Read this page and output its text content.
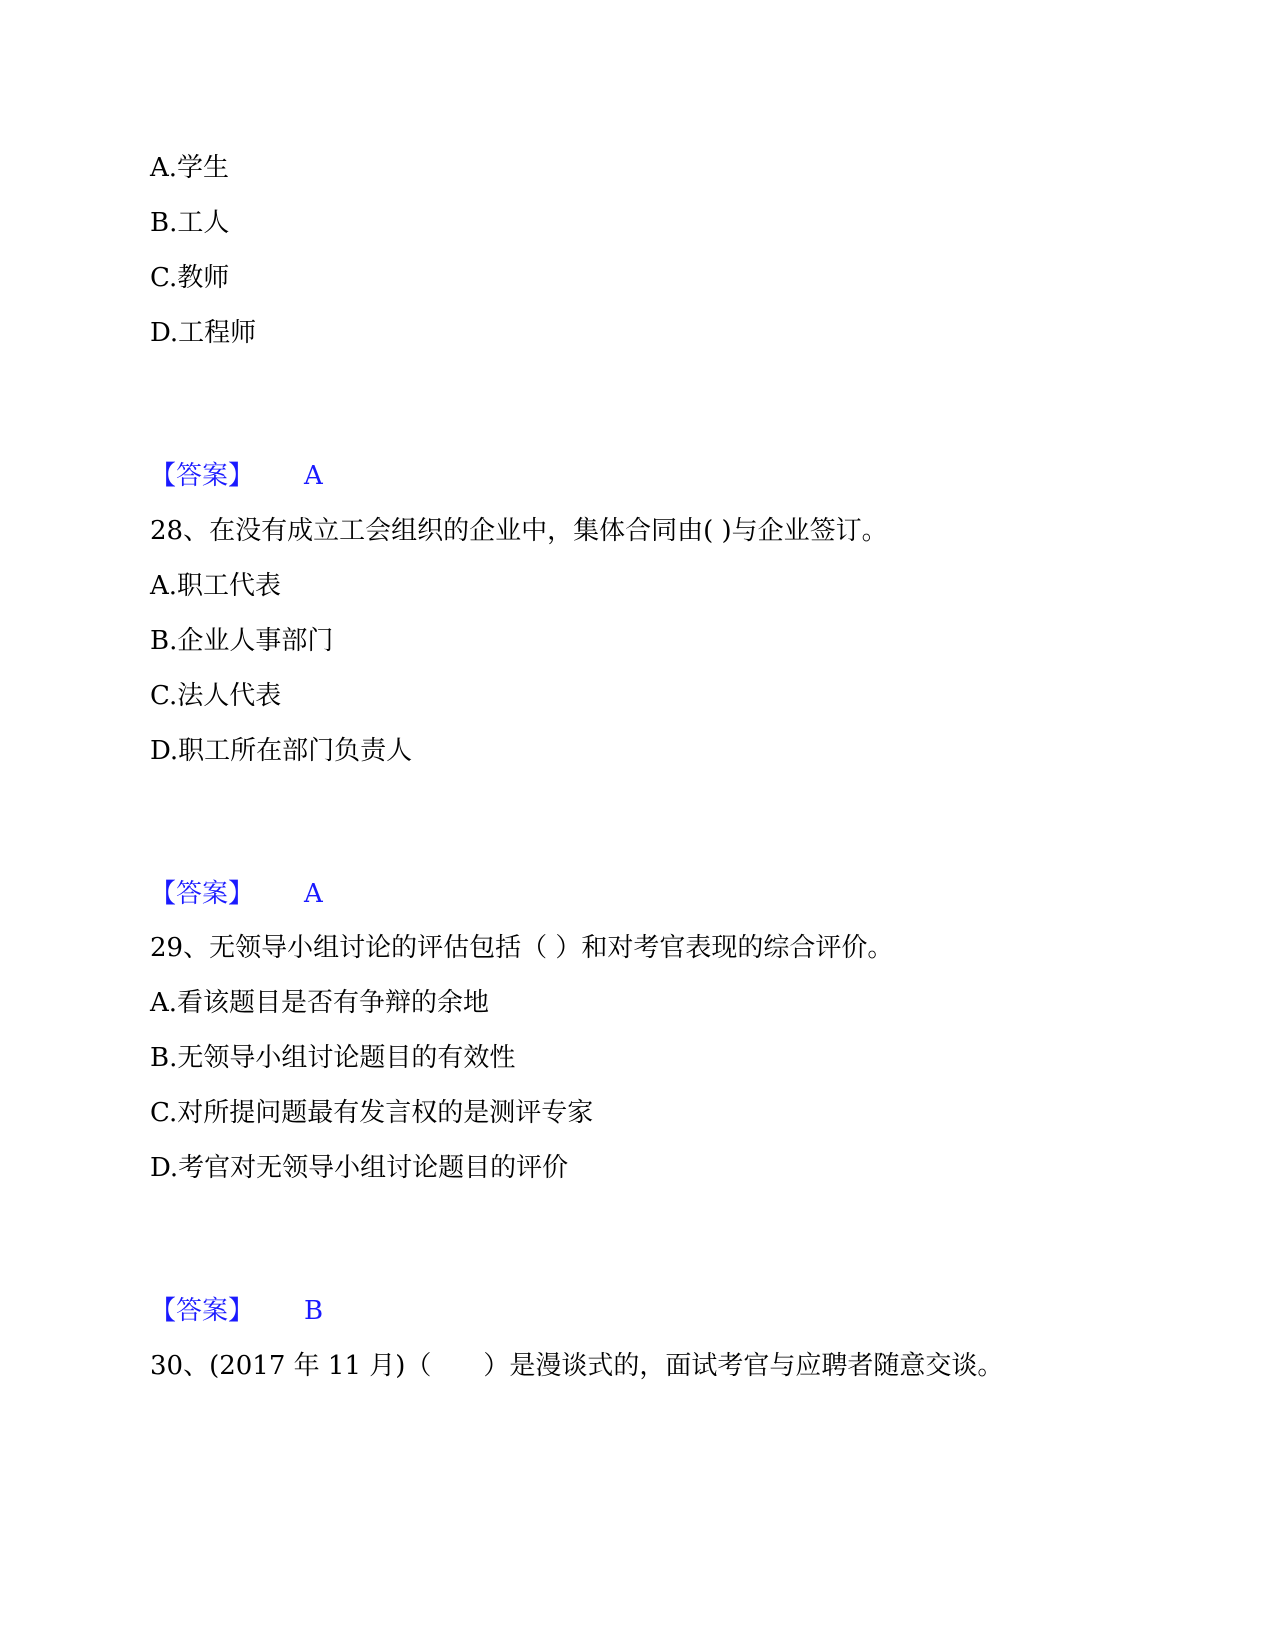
A.学生
B.工人
C.教师
D.工程师
【答案】 A
28、在没有成立工会组织的企业中，集体合同由( )与企业签订。
A.职工代表
B.企业人事部门
C.法人代表
D.职工所在部门负责人
【答案】 A
29、无领导小组讨论的评估包括（ ）和对考官表现的综合评价。
A.看该题目是否有争辩的余地
B.无领导小组讨论题目的有效性
C.对所提问题最有发言权的是测评专家
D.考官对无领导小组讨论题目的评价
【答案】 B
30、(2017 年 11 月)（　　）是漫谈式的，面试考官与应聘者随意交谈。
